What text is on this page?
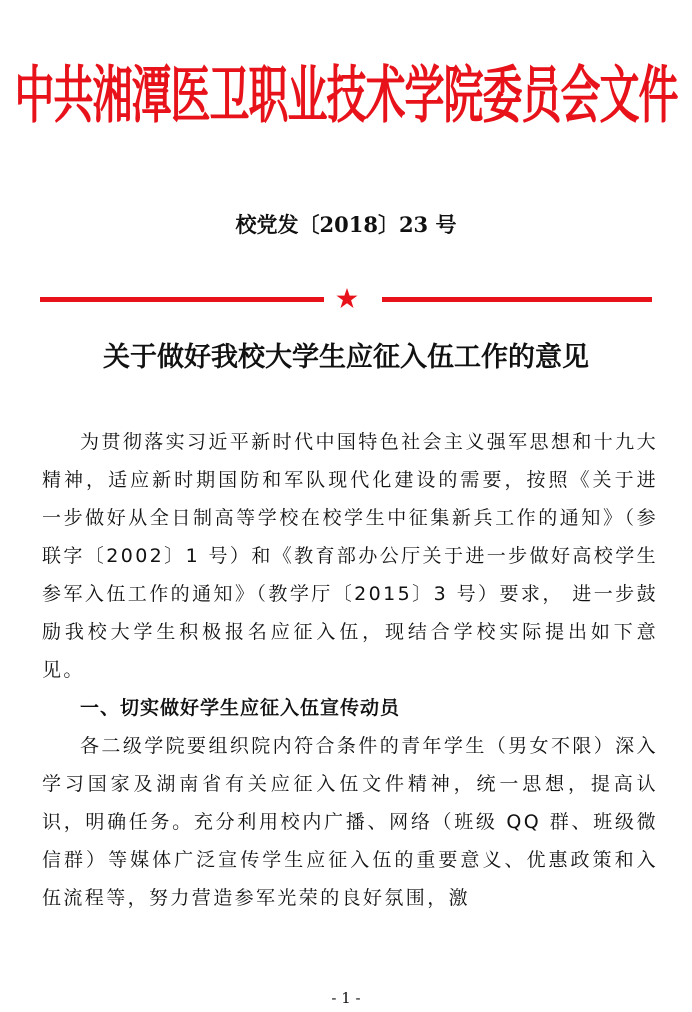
中共湘潭医卫职业技术学院委员会文件
校党发〔2018〕23 号
关于做好我校大学生应征入伍工作的意见

为贯彻落实习近平新时代中国特色社会主义强军思想和十九大精神，适应新时期国防和军队现代化建设的需要，按照《关于进一步做好从全日制高等学校在校学生中征集新兵工作的通知》（参联字〔2002〕1 号）和《教育部办公厅关于进一步做好高校学生参军入伍工作的通知》（教学厅〔2015〕3 号）要求， 进一步鼓励我校大学生积极报名应征入伍，现结合学校实际提出如下意见。

一、切实做好学生应征入伍宣传动员

各二级学院要组织院内符合条件的青年学生（男女不限）深入学习国家及湖南省有关应征入伍文件精神，统一思想，提高认识，明确任务。充分利用校内广播、网络（班级 QQ 群、班级微信群）等媒体广泛宣传学生应征入伍的重要意义、优惠政策和入伍流程等，努力营造参军光荣的良好氛围，激

- 1 -
